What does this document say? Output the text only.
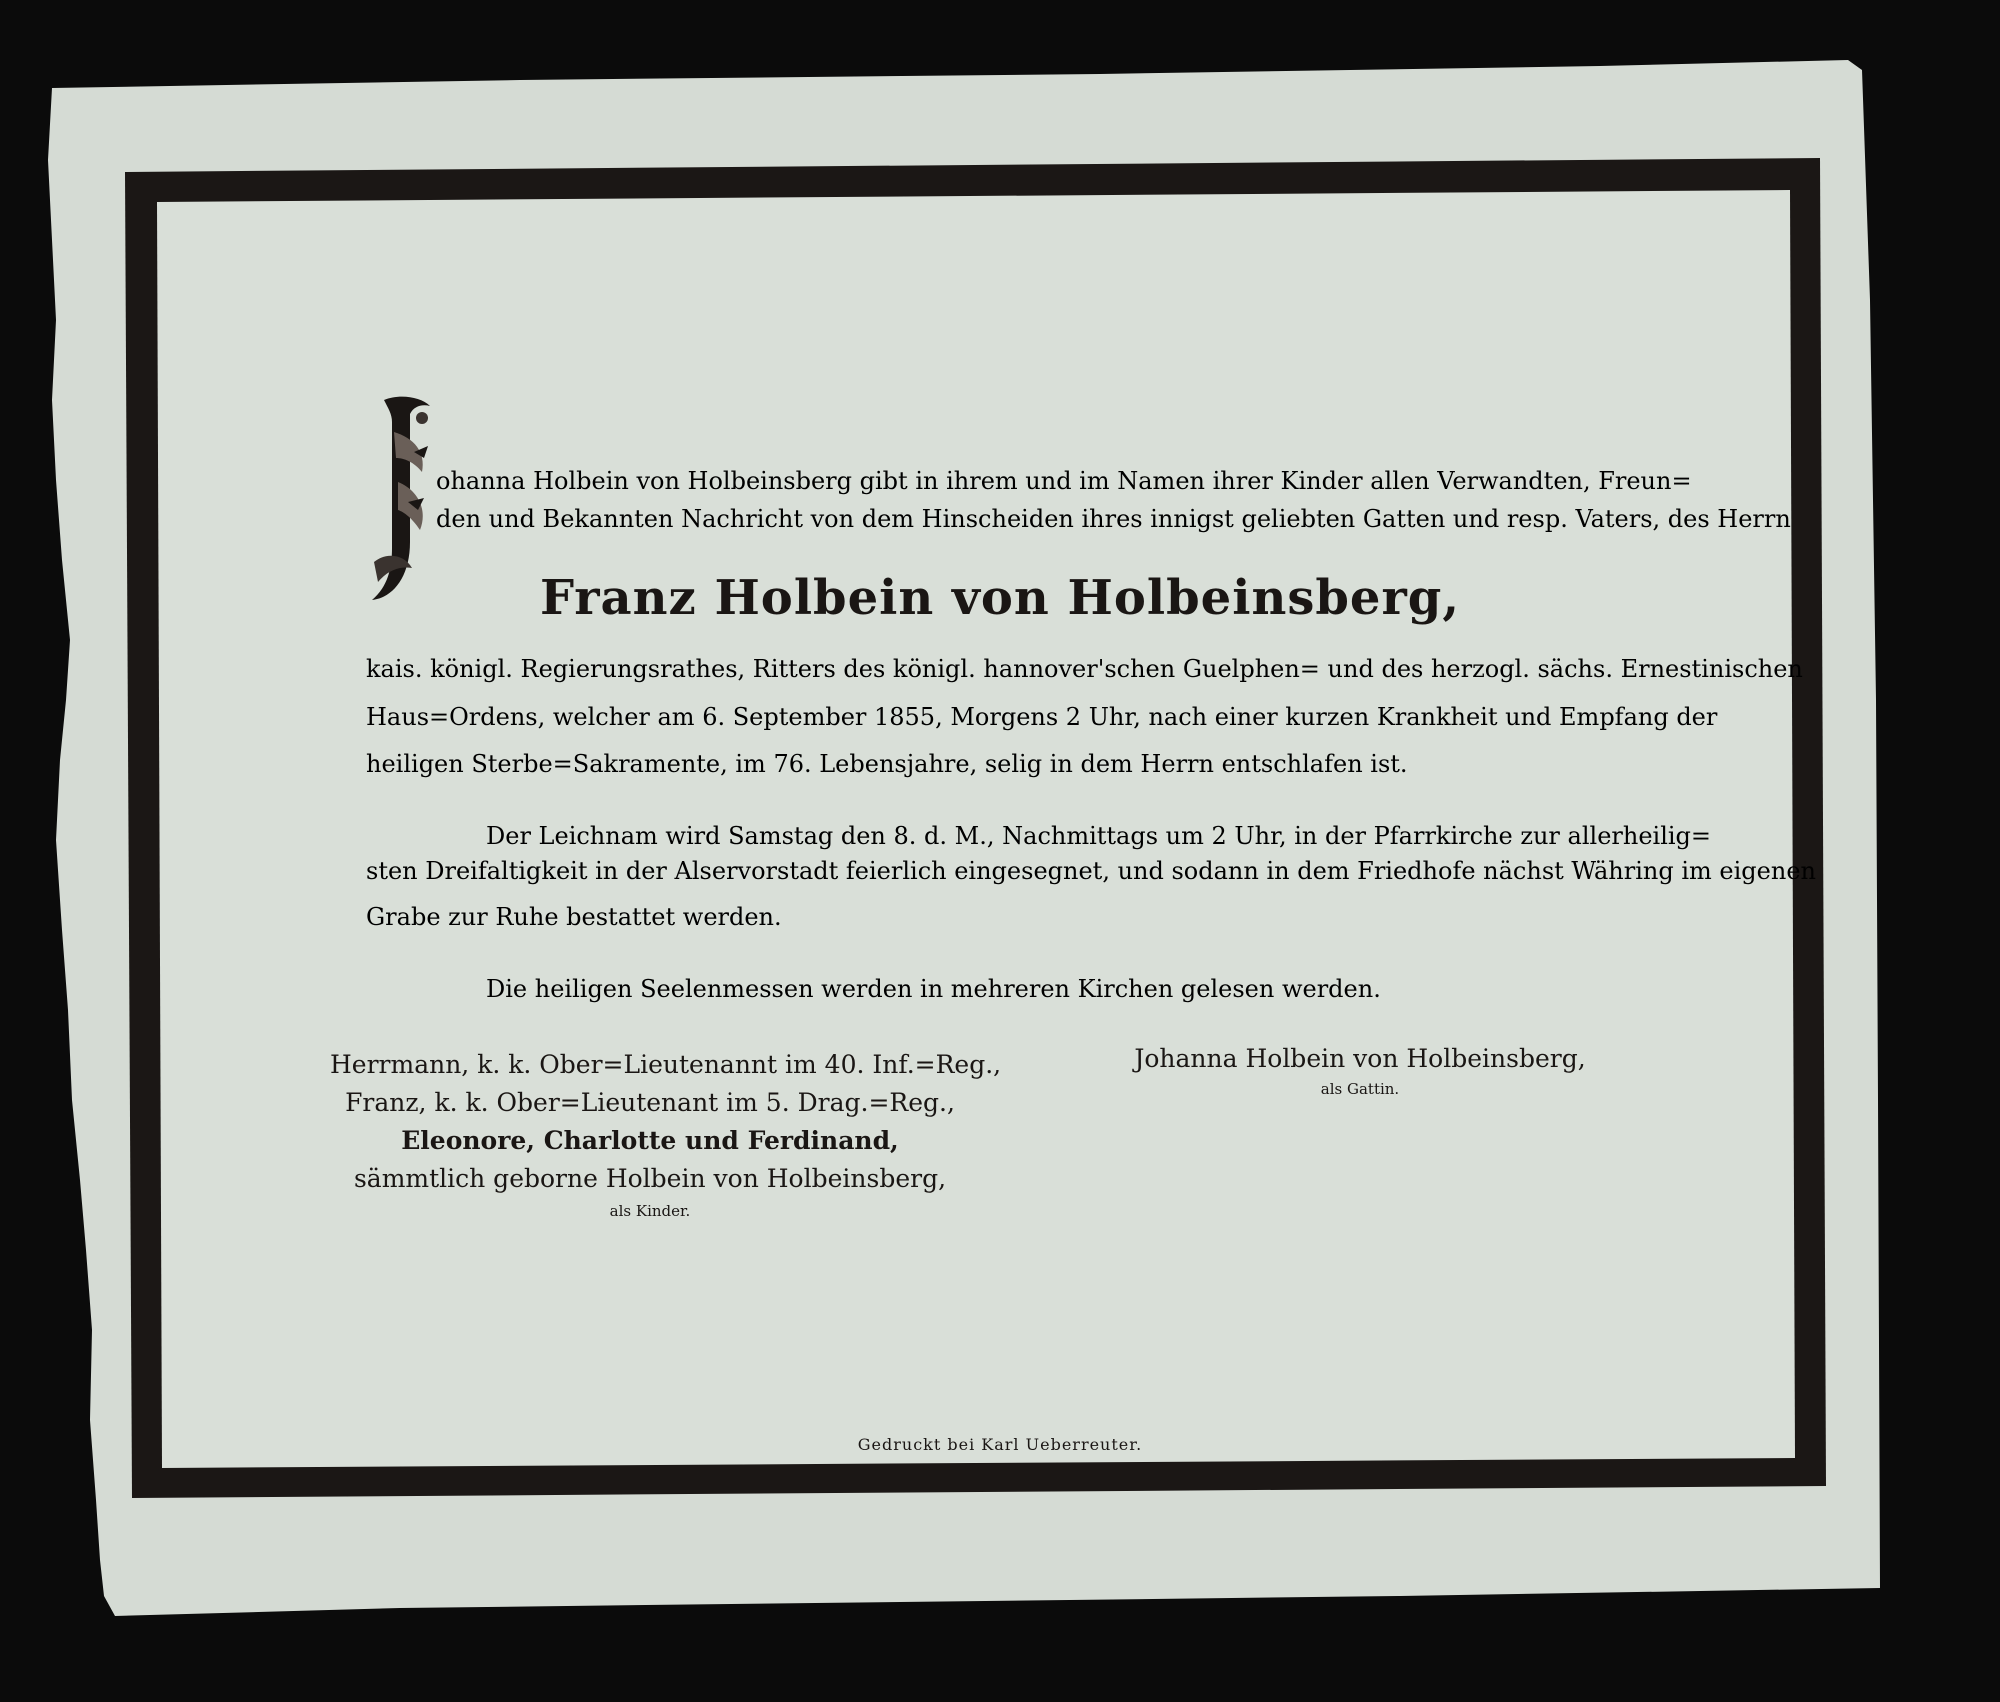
ohanna Holbein von Holbeinsberg gibt in ihrem und im Namen ihrer Kinder allen Verwandten, Freun=
den und Bekannten Nachricht von dem Hinscheiden ihres innigst geliebten Gatten und resp. Vaters, des Herrn
Franz Holbein von Holbeinsberg,
kais. königl. Regierungsrathes, Ritters des königl. hannover'schen Guelphen= und des herzogl. sächs. Ernestinischen
Haus=Ordens, welcher am 6. September 1855, Morgens 2 Uhr, nach einer kurzen Krankheit und Empfang der
heiligen Sterbe=Sakramente, im 76. Lebensjahre, selig in dem Herrn entschlafen ist.
Der Leichnam wird Samstag den 8. d. M., Nachmittags um 2 Uhr, in der Pfarrkirche zur allerheilig=
sten Dreifaltigkeit in der Alservorstadt feierlich eingesegnet, und sodann in dem Friedhofe nächst Währing im eigenen
Grabe zur Ruhe bestattet werden.
Die heiligen Seelenmessen werden in mehreren Kirchen gelesen werden.
Herrmann, k. k. Ober=Lieutenannt im 40. Inf.=Reg.,
Franz, k. k. Ober=Lieutenant im 5. Drag.=Reg.,
Eleonore, Charlotte und Ferdinand,
sämmtlich geborne Holbein von Holbeinsberg,
als Kinder.
Johanna Holbein von Holbeinsberg,
als Gattin.
Gedruckt bei Karl Ueberreuter.
